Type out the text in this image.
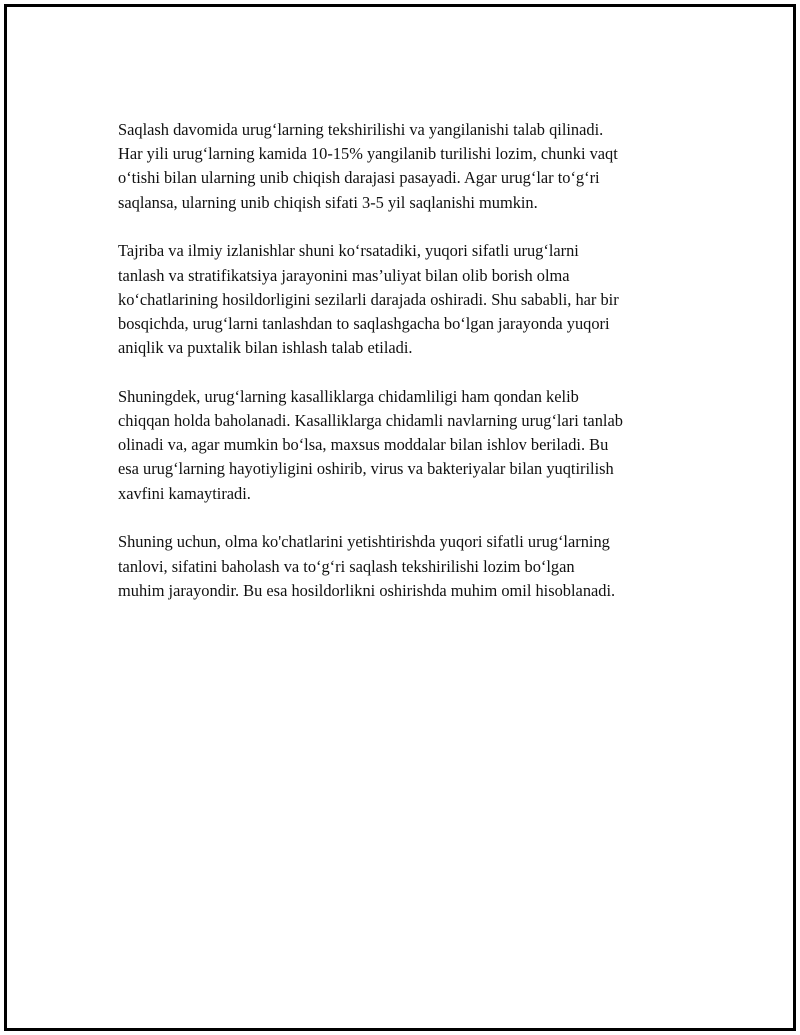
Saqlash davomida urug‘larning tekshirilishi va yangilanishi talab qilinadi.
Har yili urug‘larning kamida 10-15% yangilanib turilishi lozim, chunki vaqt
o‘tishi bilan ularning unib chiqish darajasi pasayadi. Agar urug‘lar to‘g‘ri
saqlansa, ularning unib chiqish sifati 3-5 yil saqlanishi mumkin.

Tajriba va ilmiy izlanishlar shuni ko‘rsatadiki, yuqori sifatli urug‘larni
tanlash va stratifikatsiya jarayonini mas’uliyat bilan olib borish olma
ko‘chatlarining hosildorligini sezilarli darajada oshiradi. Shu sababli, har bir
bosqichda, urug‘larni tanlashdan to saqlashgacha bo‘lgan jarayonda yuqori
aniqlik va puxtalik bilan ishlash talab etiladi.

Shuningdek, urug‘larning kasalliklarga chidamliligi ham qondan kelib
chiqqan holda baholanadi. Kasalliklarga chidamli navlarning urug‘lari tanlab
olinadi va, agar mumkin bo‘lsa, maxsus moddalar bilan ishlov beriladi. Bu
esa urug‘larning hayotiyligini oshirib, virus va bakteriyalar bilan yuqtirilish
xavfini kamaytiradi.

Shuning uchun, olma ko'chatlarini yetishtirishda yuqori sifatli urug‘larning
tanlovi, sifatini baholash va to‘g‘ri saqlash tekshirilishi lozim bo‘lgan
muhim jarayondir. Bu esa hosildorlikni oshirishda muhim omil hisoblanadi.
